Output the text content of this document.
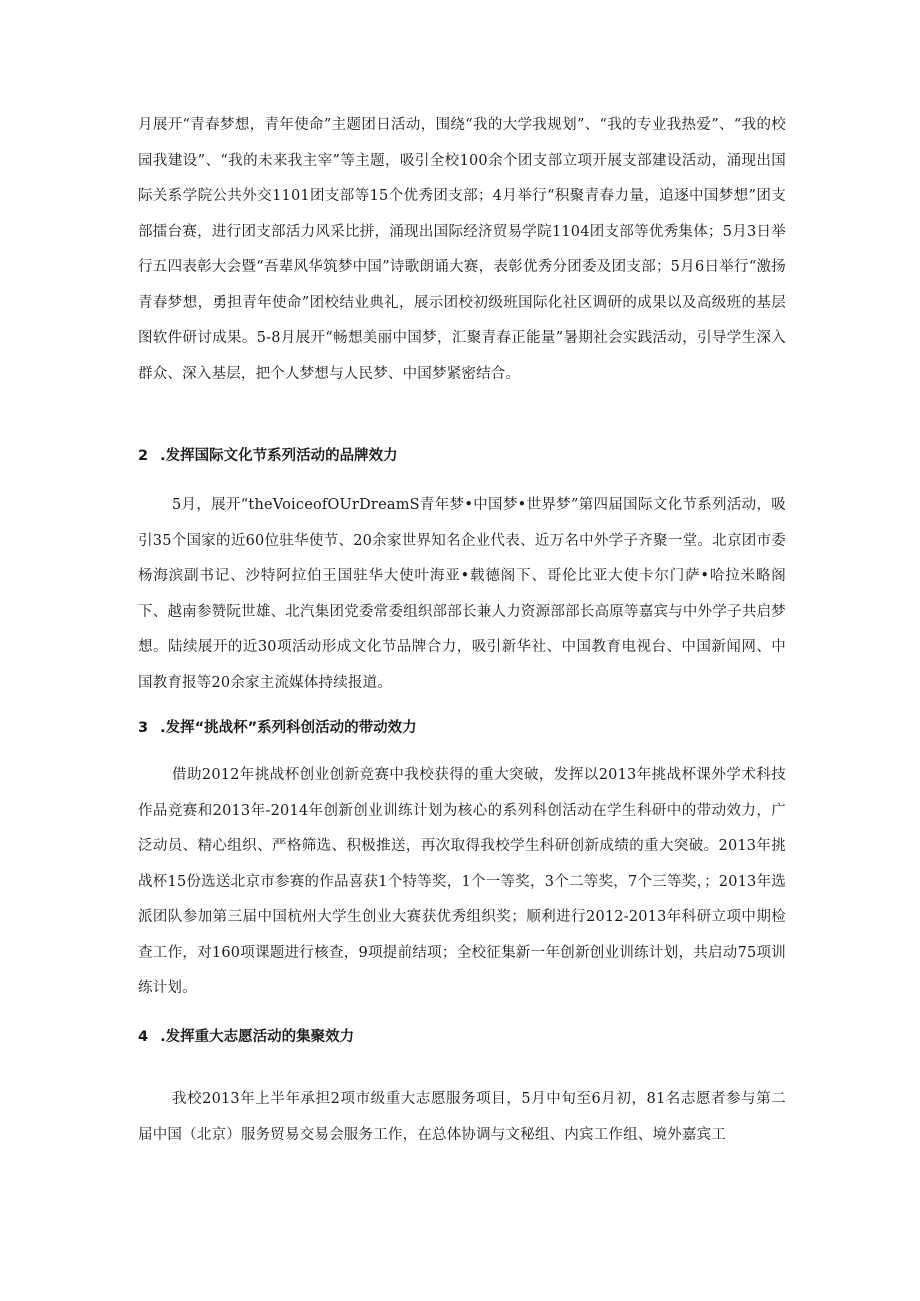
月展开“青春梦想，青年使命”主题团日活动，围绕“我的大学我规划”、“我的专业我热爱”、“我的校园我建设”、“我的未来我主宰”等主题，吸引全校100余个团支部立项开展支部建设活动，涌现出国际关系学院公共外交1101团支部等15个优秀团支部；4月举行“积聚青春力量，追逐中国梦想”团支部擂台赛，进行团支部活力风采比拼，涌现出国际经济贸易学院1104团支部等优秀集体；5月3日举行五四表彰大会暨“吾辈风华筑梦中国”诗歌朗诵大赛，表彰优秀分团委及团支部；5月6日举行“激扬青春梦想，勇担青年使命”团校结业典礼，展示团校初级班国际化社区调研的成果以及高级班的基层图软件研讨成果。5-8月展开“畅想美丽中国梦，汇聚青春正能量”暑期社会实践活动，引导学生深入群众、深入基层，把个人梦想与人民梦、中国梦紧密结合。

2 .发挥国际文化节系列活动的品牌效力

5月，展开“theVoiceofOUrDreamS青年梦•中国梦•世界梦”第四届国际文化节系列活动，吸引35个国家的近60位驻华使节、20余家世界知名企业代表、近万名中外学子齐聚一堂。北京团市委杨海滨副书记、沙特阿拉伯王国驻华大使叶海亚•载德阁下、哥伦比亚大使卡尔门萨•哈拉米略阁下、越南参赞阮世雄、北汽集团党委常委组织部部长兼人力资源部部长高原等嘉宾与中外学子共启梦想。陆续展开的近30项活动形成文化节品牌合力，吸引新华社、中国教育电视台、中国新闻网、中国教育报等20余家主流媒体持续报道。

3 .发挥“挑战杯”系列科创活动的带动效力

借助2012年挑战杯创业创新竞赛中我校获得的重大突破，发挥以2013年挑战杯课外学术科技作品竞赛和2013年-2014年创新创业训练计划为核心的系列科创活动在学生科研中的带动效力，广泛动员、精心组织、严格筛选、积极推送，再次取得我校学生科研创新成绩的重大突破。2013年挑战杯15份选送北京市参赛的作品喜获1个特等奖，1个一等奖，3个二等奖，7个三等奖，；2013年选派团队参加第三届中国杭州大学生创业大赛获优秀组织奖；顺利进行2012-2013年科研立项中期检查工作，对160项课题进行核查，9项提前结项；全校征集新一年创新创业训练计划，共启动75项训练计划。

4 .发挥重大志愿活动的集聚效力

我校2013年上半年承担2项市级重大志愿服务项目，5月中旬至6月初，81名志愿者参与第二届中国（北京）服务贸易交易会服务工作，在总体协调与文秘组、内宾工作组、境外嘉宾工
